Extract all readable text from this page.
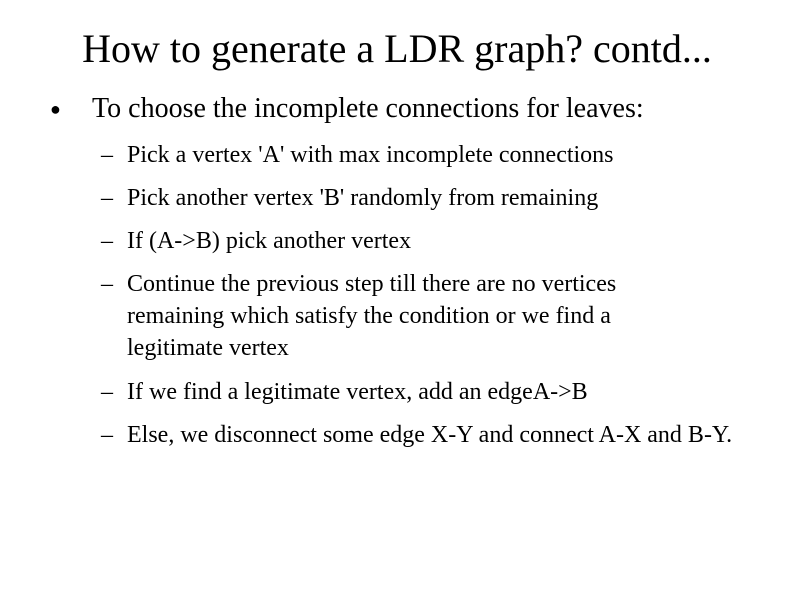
How to generate a LDR graph? contd...
● To choose the incomplete connections for leaves:
– Pick a vertex 'A' with max incomplete connections
– Pick another vertex 'B' randomly from remaining
– If (A->B) pick another vertex
– Continue the previous step till there are no vertices remaining which satisfy the condition or we find a legitimate vertex
– If we find a legitimate vertex, add an edgeA->B
– Else, we disconnect some edge X-Y and connect A-X and B-Y.
